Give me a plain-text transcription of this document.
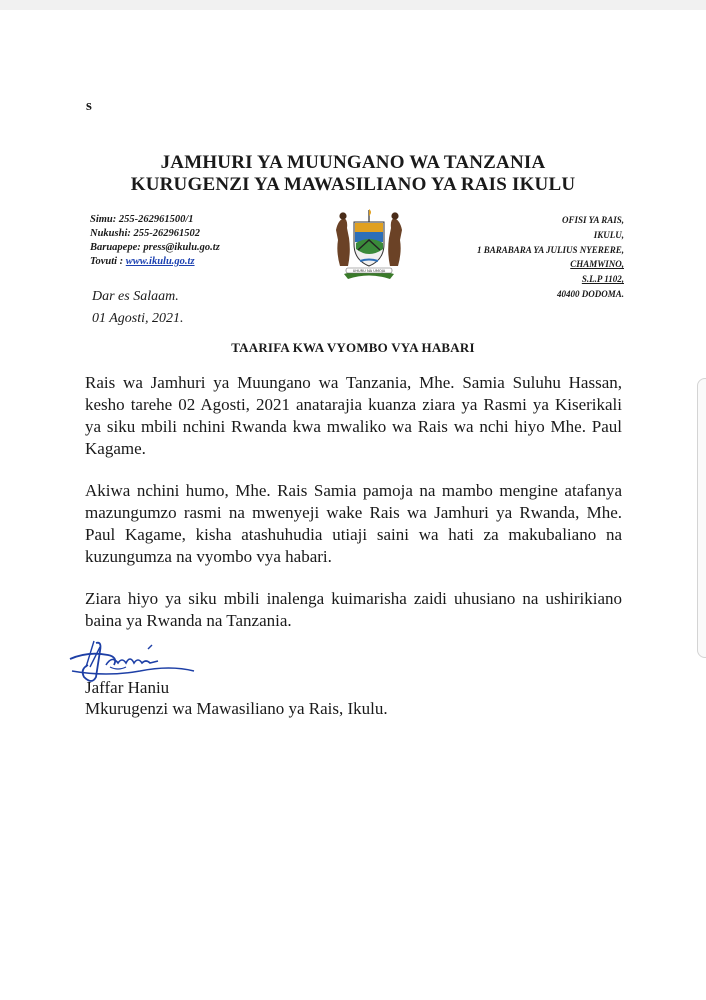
s
JAMHURI YA MUUNGANO WA TANZANIA
KURUGENZI YA MAWASILIANO YA RAIS IKULU
Simu: 255-262961500/1
Nukushi: 255-262961502
Baruapepe: press@ikulu.go.tz
Tovuti : www.ikulu.go.tz
UHURU NA UMOJA
OFISI YA RAIS,
IKULU,
1 BARABARA YA JULIUS NYERERE,
CHAMWINO,
S.L.P 1102,
40400 DODOMA.
Dar es Salaam.
01 Agosti, 2021.
TAARIFA KWA VYOMBO VYA HABARI
Rais wa Jamhuri ya Muungano wa Tanzania, Mhe. Samia Suluhu Hassan, kesho tarehe 02 Agosti, 2021 anatarajia kuanza ziara ya Rasmi ya Kiserikali ya siku mbili nchini Rwanda kwa mwaliko wa Rais wa nchi hiyo Mhe. Paul Kagame.
Akiwa nchini humo, Mhe. Rais Samia pamoja na mambo mengine atafanya mazungumzo rasmi na mwenyeji wake Rais wa Jamhuri ya Rwanda, Mhe. Paul Kagame, kisha atashuhudia utiaji saini wa hati za makubaliano na kuzungumza na vyombo vya habari.
Ziara hiyo ya siku mbili inalenga kuimarisha zaidi uhusiano na ushirikiano baina ya Rwanda na Tanzania.
Jaffar Haniu
Mkurugenzi wa Mawasiliano ya Rais, Ikulu.
